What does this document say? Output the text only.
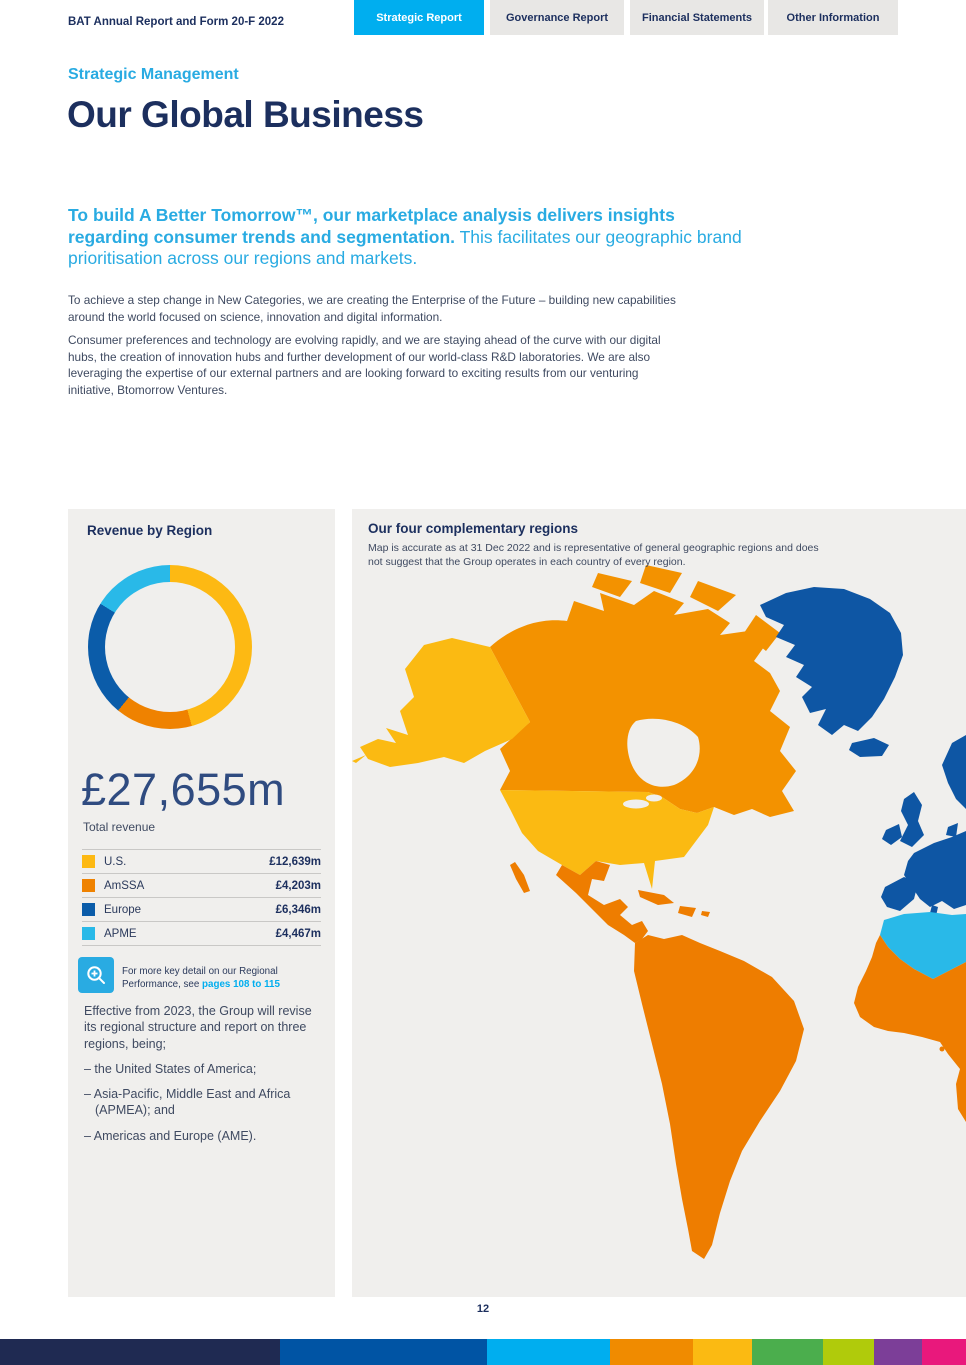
BAT Annual Report and Form 20-F 2022	Strategic Report	Governance Report	Financial Statements	Other Information
Strategic Management
Our Global Business
To build A Better Tomorrow™, our marketplace analysis delivers insights regarding consumer trends and segmentation. This facilitates our geographic brand prioritisation across our regions and markets.

To achieve a step change in New Categories, we are creating the Enterprise of the Future – building new capabilities around the world focused on science, innovation and digital information.

Consumer preferences and technology are evolving rapidly, and we are staying ahead of the curve with our digital hubs, the creation of innovation hubs and further development of our world-class R&D laboratories. We are also leveraging the expertise of our external partners and are looking forward to exciting results from our venturing initiative, Btomorrow Ventures.

Revenue by Region
£27,655m
Total revenue
U.S.	£12,639m
AmSSA	£4,203m
Europe	£6,346m
APME	£4,467m
For more key detail on our Regional Performance, see pages 108 to 115

Effective from 2023, the Group will revise its regional structure and report on three regions, being;

– the United States of America;

– Asia-Pacific, Middle East and Africa (APMEA); and

– Americas and Europe (AME).

Our four complementary regions
Map is accurate as at 31 Dec 2022 and is representative of general geographic regions and does not suggest that the Group operates in each country of every region.
12
